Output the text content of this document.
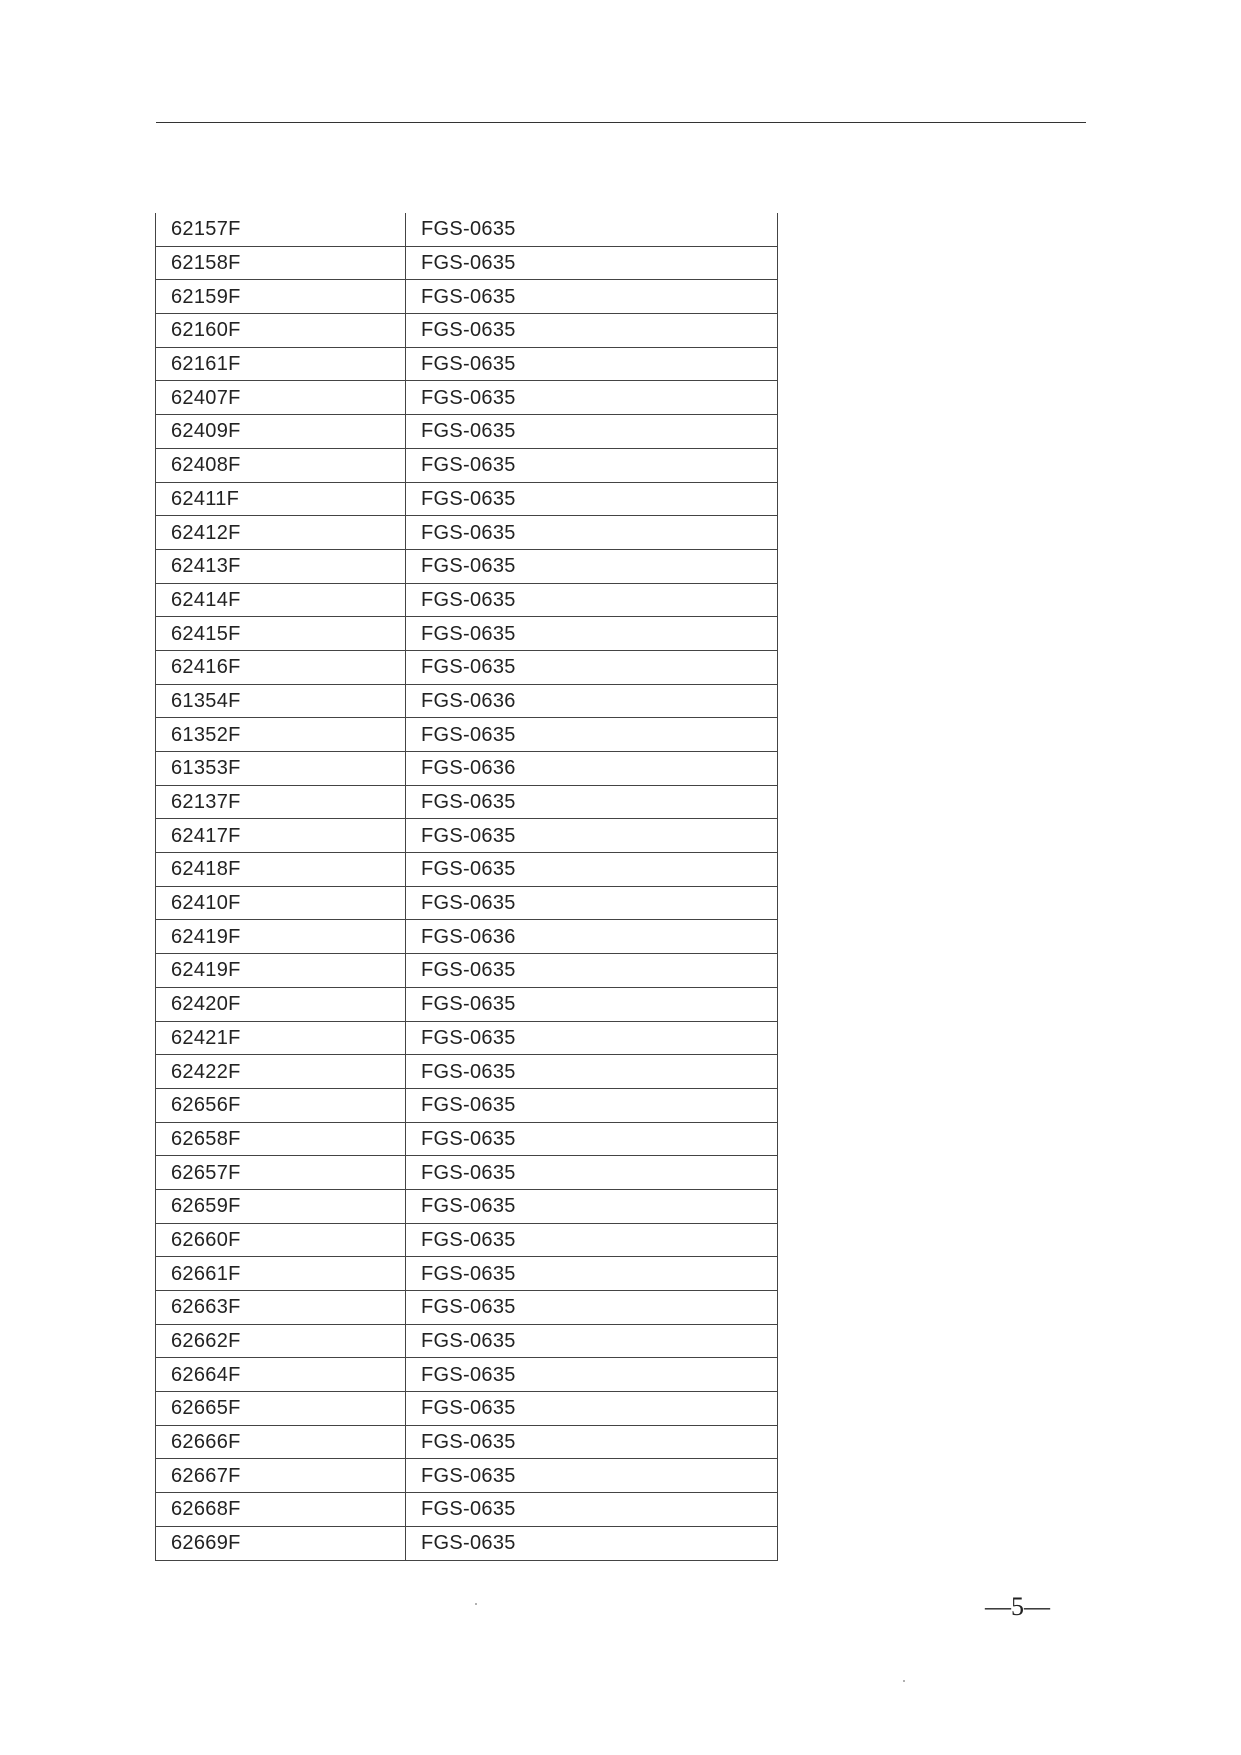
62157F	FGS-0635
62158F	FGS-0635
62159F	FGS-0635
62160F	FGS-0635
62161F	FGS-0635
62407F	FGS-0635
62409F	FGS-0635
62408F	FGS-0635
62411F	FGS-0635
62412F	FGS-0635
62413F	FGS-0635
62414F	FGS-0635
62415F	FGS-0635
62416F	FGS-0635
61354F	FGS-0636
61352F	FGS-0635
61353F	FGS-0636
62137F	FGS-0635
62417F	FGS-0635
62418F	FGS-0635
62410F	FGS-0635
62419F	FGS-0636
62419F	FGS-0635
62420F	FGS-0635
62421F	FGS-0635
62422F	FGS-0635
62656F	FGS-0635
62658F	FGS-0635
62657F	FGS-0635
62659F	FGS-0635
62660F	FGS-0635
62661F	FGS-0635
62663F	FGS-0635
62662F	FGS-0635
62664F	FGS-0635
62665F	FGS-0635
62666F	FGS-0635
62667F	FGS-0635
62668F	FGS-0635
62669F	FGS-0635
—5—
